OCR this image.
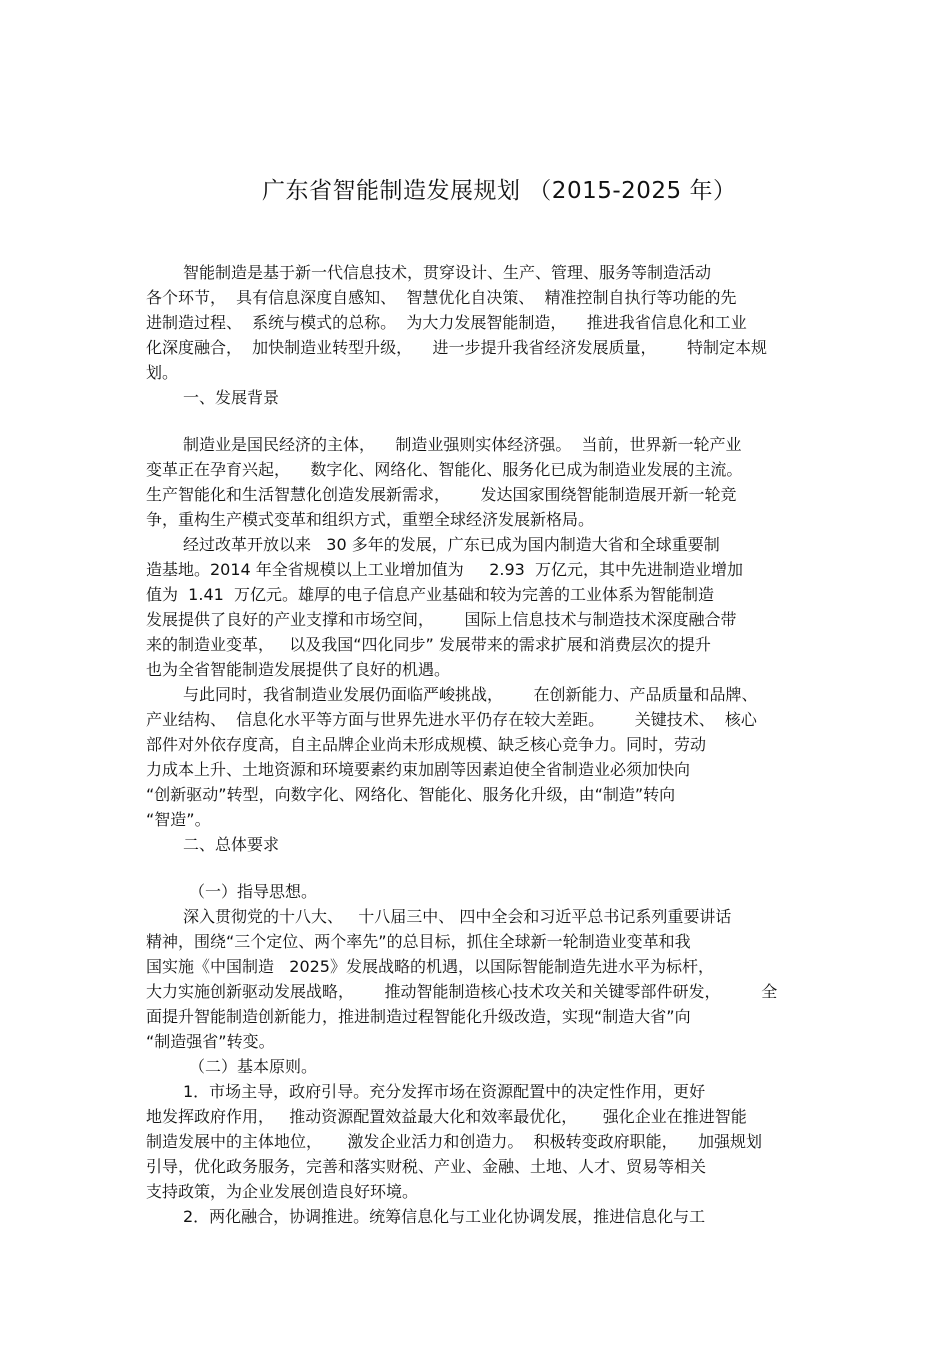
广东省智能制造发展规划 （2015-2025 年）
智能制造是基于新一代信息技术，贯穿设计、生产、管理、服务等制造活动
各个环节，  具有信息深度自感知、  智慧优化自决策、  精准控制自执行等功能的先
进制造过程、  系统与模式的总称。  为大力发展智能制造，    推进我省信息化和工业
化深度融合，  加快制造业转型升级，    进一步提升我省经济发展质量，      特制定本规
划。
一、发展背景
制造业是国民经济的主体，    制造业强则实体经济强。  当前，世界新一轮产业
变革正在孕育兴起，    数字化、网络化、智能化、服务化已成为制造业发展的主流。
生产智能化和生活智慧化创造发展新需求，      发达国家围绕智能制造展开新一轮竞
争，重构生产模式变革和组织方式，重塑全球经济发展新格局。
经过改革开放以来   30 多年的发展，广东已成为国内制造大省和全球重要制
造基地。2014 年全省规模以上工业增加值为     2.93  万亿元，其中先进制造业增加
值为  1.41  万亿元。雄厚的电子信息产业基础和较为完善的工业体系为智能制造
发展提供了良好的产业支撑和市场空间，      国际上信息技术与制造技术深度融合带
来的制造业变革，   以及我国“四化同步” 发展带来的需求扩展和消费层次的提升
也为全省智能制造发展提供了良好的机遇。
与此同时，我省制造业发展仍面临严峻挑战，      在创新能力、产品质量和品牌、
产业结构、  信息化水平等方面与世界先进水平仍存在较大差距。      关键技术、  核心
部件对外依存度高，自主品牌企业尚未形成规模、缺乏核心竞争力。同时，劳动
力成本上升、土地资源和环境要素约束加剧等因素迫使全省制造业必须加快向
“创新驱动”转型，向数字化、网络化、智能化、服务化升级，由“制造”转向
“智造”。
二、总体要求
（一）指导思想。
深入贯彻党的十八大、   十八届三中、 四中全会和习近平总书记系列重要讲话
精神，围绕“三个定位、两个率先”的总目标，抓住全球新一轮制造业变革和我
国实施《中国制造   2025》发展战略的机遇，以国际智能制造先进水平为标杆，
大力实施创新驱动发展战略，      推动智能制造核心技术攻关和关键零部件研发，        全
面提升智能制造创新能力，推进制造过程智能化升级改造，实现“制造大省”向
“制造强省”转变。
（二）基本原则。
1．市场主导，政府引导。充分发挥市场在资源配置中的决定性作用，更好
地发挥政府作用，   推动资源配置效益最大化和效率最优化，     强化企业在推进智能
制造发展中的主体地位，     激发企业活力和创造力。  积极转变政府职能，    加强规划
引导，优化政务服务，完善和落实财税、产业、金融、土地、人才、贸易等相关
支持政策，为企业发展创造良好环境。
2．两化融合，协调推进。统筹信息化与工业化协调发展，推进信息化与工
